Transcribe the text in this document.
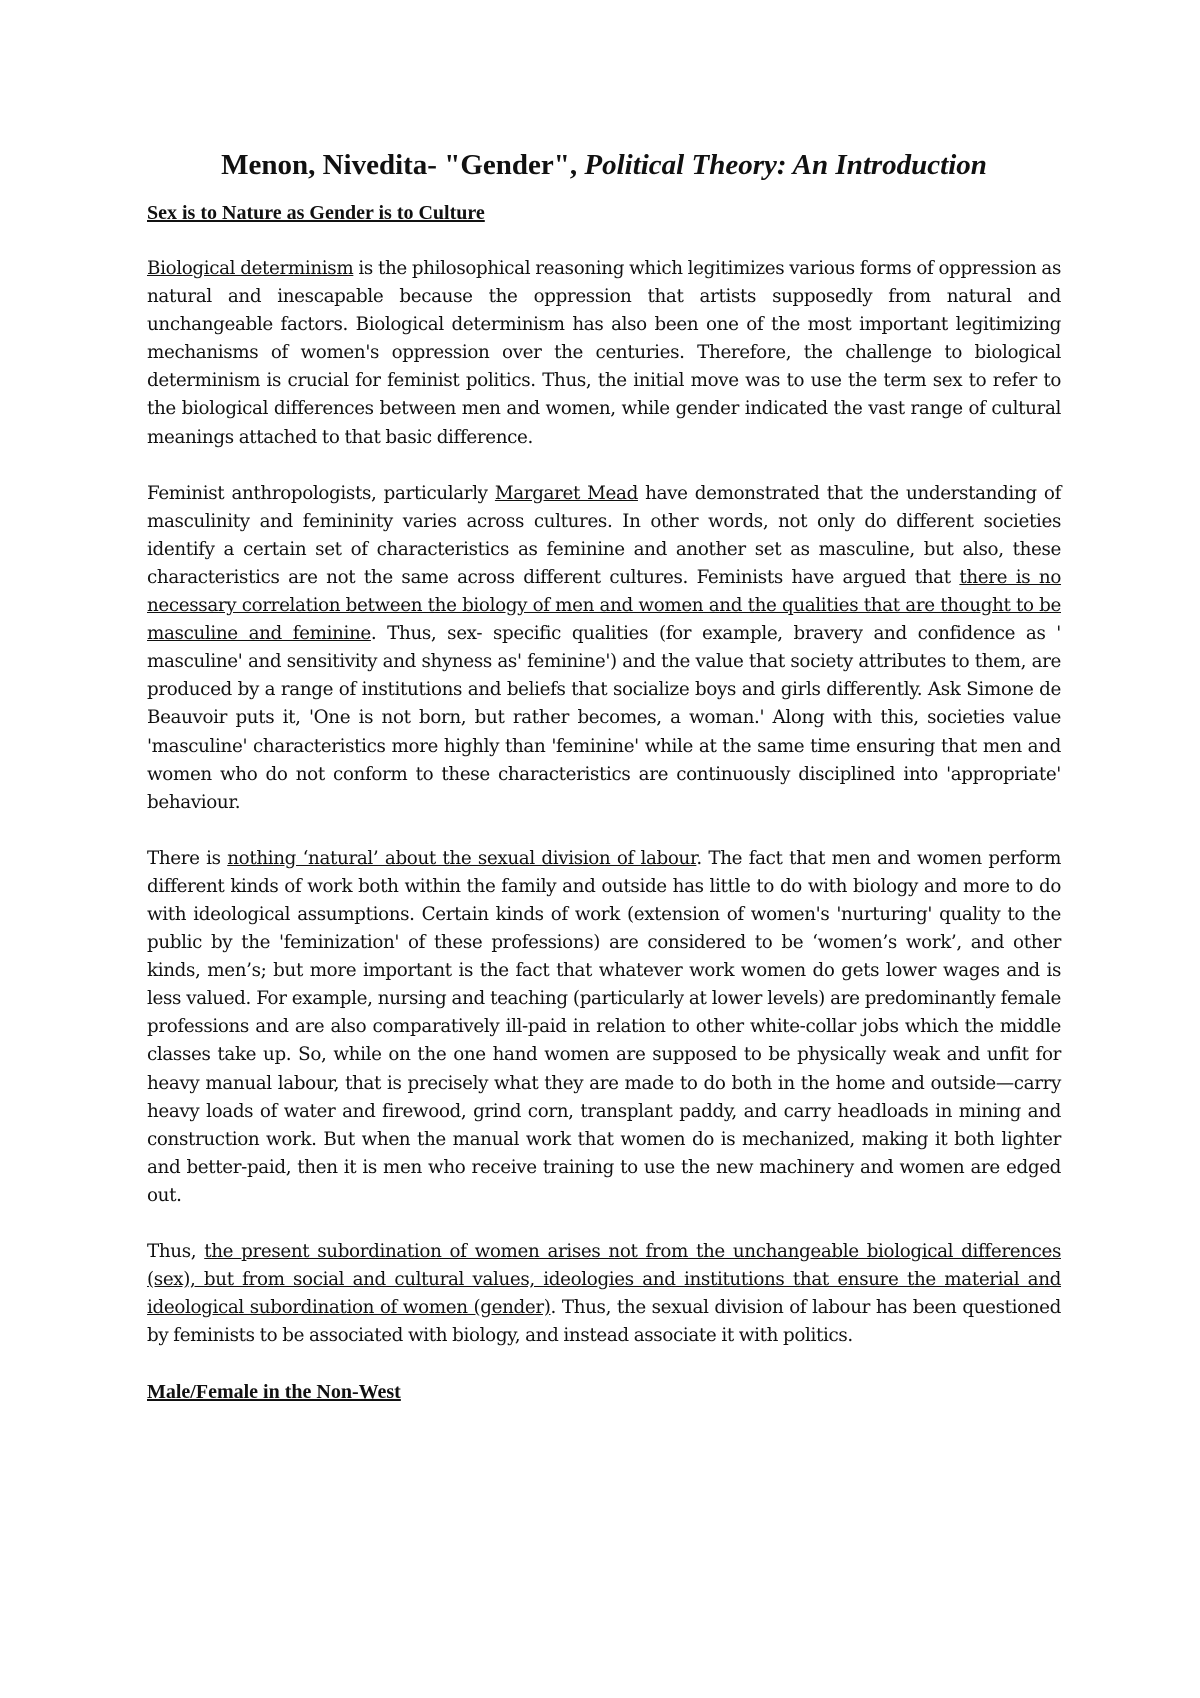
Menon, Nivedita- "Gender", Political Theory: An Introduction
Sex is to Nature as Gender is to Culture

Biological determinism is the philosophical reasoning which legitimizes various forms of oppression as natural and inescapable because the oppression that artists supposedly from natural and unchangeable factors. Biological determinism has also been one of the most important legitimizing mechanisms of women's oppression over the centuries. Therefore, the challenge to biological determinism is crucial for feminist politics. Thus, the initial move was to use the term sex to refer to the biological differences between men and women, while gender indicated the vast range of cultural meanings attached to that basic difference.

Feminist anthropologists, particularly Margaret Mead have demonstrated that the understanding of masculinity and femininity varies across cultures. In other words, not only do different societies identify a certain set of characteristics as feminine and another set as masculine, but also, these characteristics are not the same across different cultures. Feminists have argued that there is no necessary correlation between the biology of men and women and the qualities that are thought to be masculine and feminine. Thus, sex- specific qualities (for example, bravery and confidence as ' masculine' and sensitivity and shyness as' feminine') and the value that society attributes to them, are produced by a range of institutions and beliefs that socialize boys and girls differently. Ask Simone de Beauvoir puts it, 'One is not born, but rather becomes, a woman.' Along with this, societies value 'masculine' characteristics more highly than 'feminine' while at the same time ensuring that men and women who do not conform to these characteristics are continuously disciplined into 'appropriate' behaviour.

There is nothing ‘natural’ about the sexual division of labour. The fact that men and women perform different kinds of work both within the family and outside has little to do with biology and more to do with ideological assumptions. Certain kinds of work (extension of women's 'nurturing' quality to the public by the 'feminization' of these professions) are considered to be ‘women’s work’, and other kinds, men’s; but more important is the fact that whatever work women do gets lower wages and is less valued. For example, nursing and teaching (particularly at lower levels) are predominantly female professions and are also comparatively ill-paid in relation to other white-collar jobs which the middle classes take up. So, while on the one hand women are supposed to be physically weak and unfit for heavy manual labour, that is precisely what they are made to do both in the home and outside—carry heavy loads of water and firewood, grind corn, transplant paddy, and carry headloads in mining and construction work. But when the manual work that women do is mechanized, making it both lighter and better-paid, then it is men who receive training to use the new machinery and women are edged out.

Thus, the present subordination of women arises not from the unchangeable biological differences (sex), but from social and cultural values, ideologies and institutions that ensure the material and ideological subordination of women (gender). Thus, the sexual division of labour has been questioned by feminists to be associated with biology, and instead associate it with politics.

Male/Female in the Non-West
